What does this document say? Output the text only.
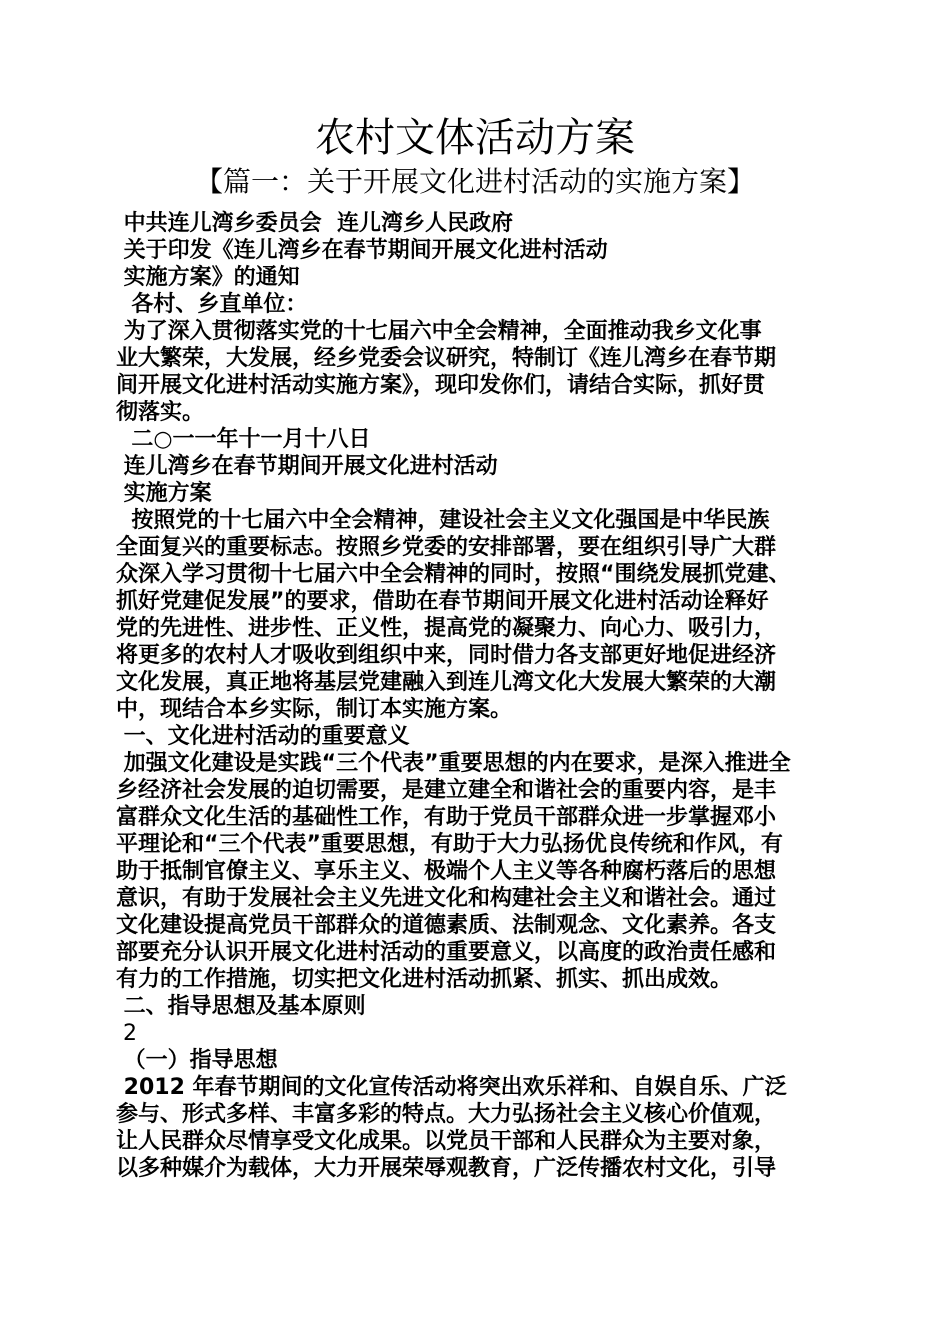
农村文体活动方案
【篇一：关于开展文化进村活动的实施方案】

中共连儿湾乡委员会  连儿湾乡人民政府

关于印发《连儿湾乡在春节期间开展文化进村活动

实施方案》的通知

各村、乡直单位：

为了深入贯彻落实党的十七届六中全会精神，全面推动我乡文化事

业大繁荣，大发展，经乡党委会议研究，特制订《连儿湾乡在春节期

间开展文化进村活动实施方案》，现印发你们，请结合实际，抓好贯

彻落实。

二○一一年十一月十八日

连儿湾乡在春节期间开展文化进村活动

实施方案

按照党的十七届六中全会精神，建设社会主义文化强国是中华民族

全面复兴的重要标志。按照乡党委的安排部署，要在组织引导广大群

众深入学习贯彻十七届六中全会精神的同时，按照“围绕发展抓党建、

抓好党建促发展”的要求，借助在春节期间开展文化进村活动诠释好

党的先进性、进步性、正义性，提高党的凝聚力、向心力、吸引力，

将更多的农村人才吸收到组织中来，同时借力各支部更好地促进经济

文化发展，真正地将基层党建融入到连儿湾文化大发展大繁荣的大潮

中，现结合本乡实际，制订本实施方案。

一、文化进村活动的重要意义

加强文化建设是实践“三个代表”重要思想的内在要求，是深入推进全

乡经济社会发展的迫切需要，是建立建全和谐社会的重要内容，是丰

富群众文化生活的基础性工作，有助于党员干部群众进一步掌握邓小

平理论和“三个代表”重要思想，有助于大力弘扬优良传统和作风，有

助于抵制官僚主义、享乐主义、极端个人主义等各种腐朽落后的思想

意识，有助于发展社会主义先进文化和构建社会主义和谐社会。通过

文化建设提高党员干部群众的道德素质、法制观念、文化素养。各支

部要充分认识开展文化进村活动的重要意义，以高度的政治责任感和

有力的工作措施，切实把文化进村活动抓紧、抓实、抓出成效。

二、指导思想及基本原则

2

（一）指导思想

2012 年春节期间的文化宣传活动将突出欢乐祥和、自娱自乐、广泛

参与、形式多样、丰富多彩的特点。大力弘扬社会主义核心价值观，

让人民群众尽情享受文化成果。以党员干部和人民群众为主要对象，

以多种媒介为载体，大力开展荣辱观教育，广泛传播农村文化，引导
